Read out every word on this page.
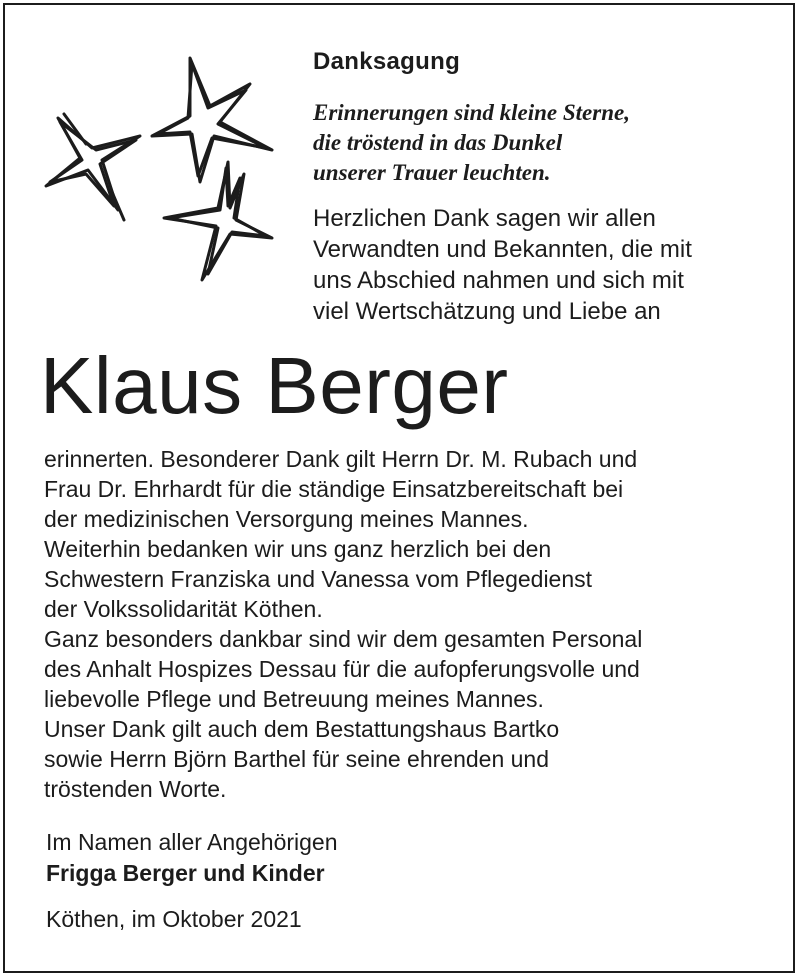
Danksagung

Erinnerungen sind kleine Sterne,
die tröstend in das Dunkel
unserer Trauer leuchten.

Herzlichen Dank sagen wir allen
Verwandten und Bekannten, die mit
uns Abschied nahmen und sich mit
viel Wertschätzung und Liebe an

Klaus Berger

erinnerten. Besonderer Dank gilt Herrn Dr. M. Rubach und
Frau Dr. Ehrhardt für die ständige Einsatzbereitschaft bei
der medizinischen Versorgung meines Mannes.
Weiterhin bedanken wir uns ganz herzlich bei den
Schwestern Franziska und Vanessa vom Pflegedienst
der Volkssolidarität Köthen.
Ganz besonders dankbar sind wir dem gesamten Personal
des Anhalt Hospizes Dessau für die aufopferungsvolle und
liebevolle Pflege und Betreuung meines Mannes.
Unser Dank gilt auch dem Bestattungshaus Bartko
sowie Herrn Björn Barthel für seine ehrenden und
tröstenden Worte.

Im Namen aller Angehörigen
Frigga Berger und Kinder
Köthen, im Oktober 2021
